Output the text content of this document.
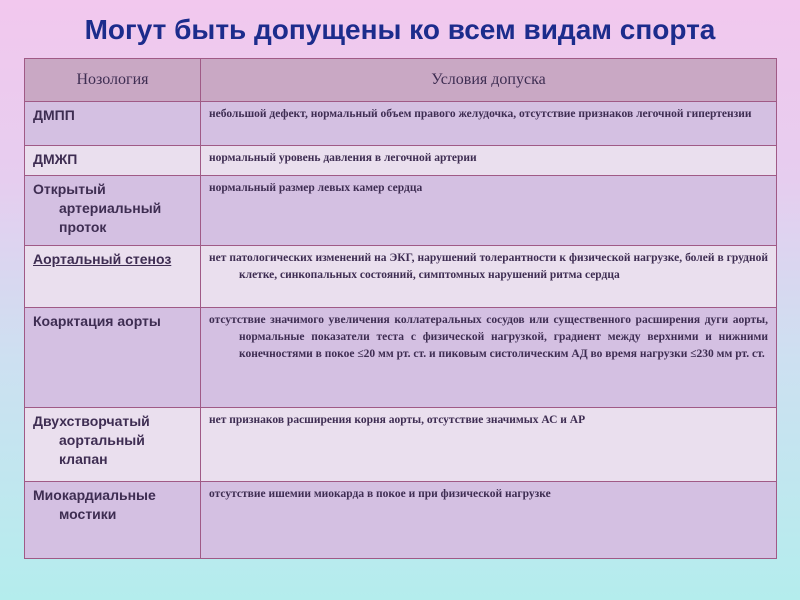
Могут быть допущены ко всем видам спорта
Нозология	Условия допуска

ДМПП	небольшой дефект, нормальный объем правого желудочка, отсутствие признаков легочной гипертензии

ДМЖП	нормальный уровень давления в легочной артерии

Открытый артериальный проток	нормальный размер левых камер сердца

Аортальный стеноз	нет патологических изменений на ЭКГ, нарушений толерантности к физической нагрузке, болей в грудной клетке, синкопальных состояний, симптомных нарушений ритма сердца

Коарктация аорты	отсутствие значимого увеличения коллатеральных сосудов или существенного расширения дуги аорты, нормальные показатели теста с физической нагрузкой, градиент между верхними и нижними конечностями в покое ≤20 мм рт. ст. и пиковым систолическим АД во время нагрузки ≤230 мм рт. ст.

Двухстворчатый аортальный клапан	нет признаков расширения корня аорты, отсутствие значимых АС и АР

Миокардиальные мостики	отсутствие ишемии миокарда в покое и при физической нагрузке
